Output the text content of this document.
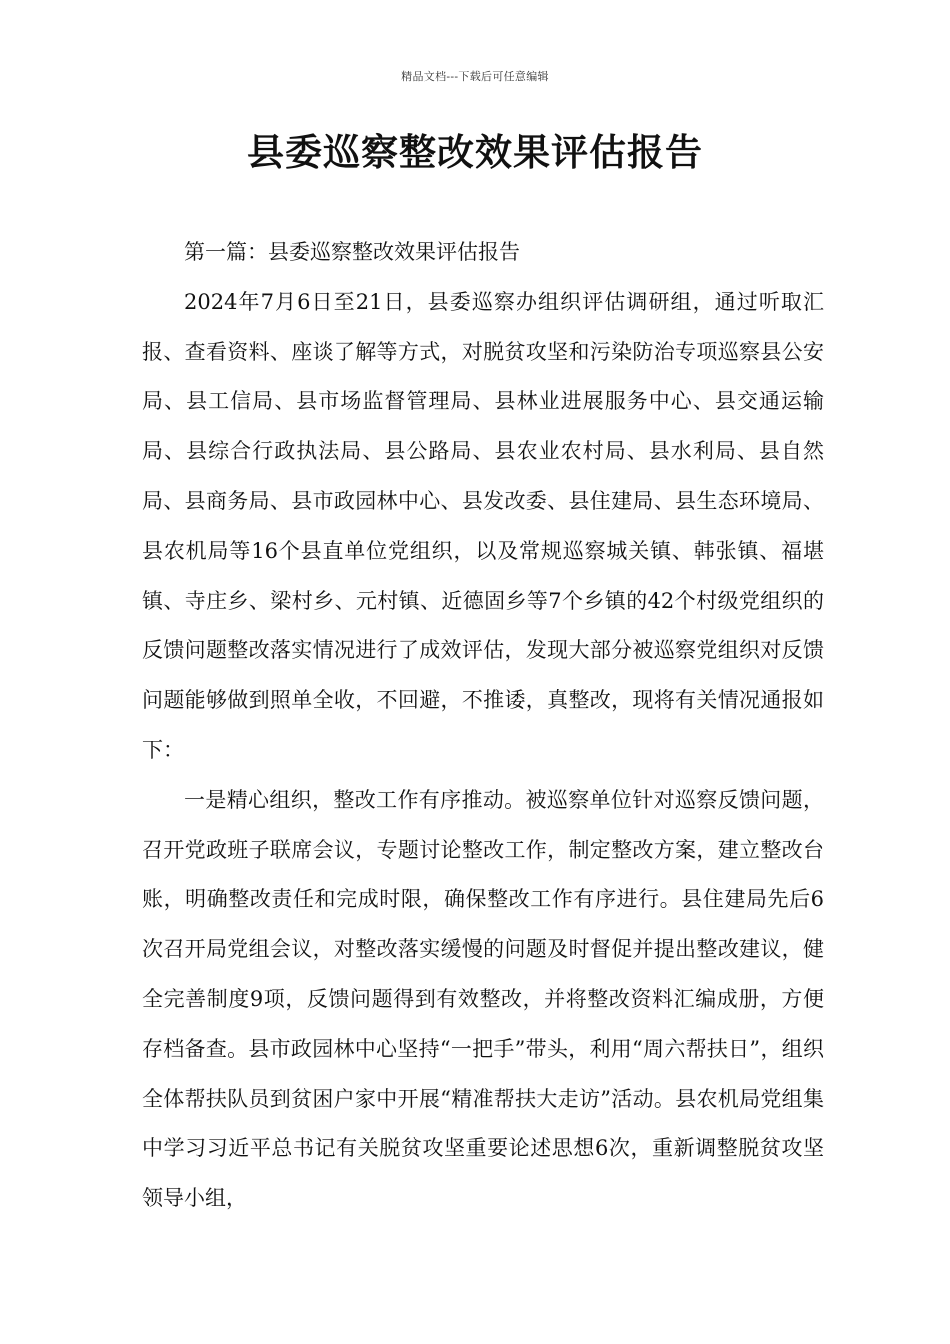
精品文档---下载后可任意编辑
县委巡察整改效果评估报告

第一篇：县委巡察整改效果评估报告

2024年7月6日至21日，县委巡察办组织评估调研组，通过听取汇报、查看资料、座谈了解等方式，对脱贫攻坚和污染防治专项巡察县公安局、县工信局、县市场监督管理局、县林业进展服务中心、县交通运输局、县综合行政执法局、县公路局、县农业农村局、县水利局、县自然局、县商务局、县市政园林中心、县发改委、县住建局、县生态环境局、县农机局等16个县直单位党组织，以及常规巡察城关镇、韩张镇、福堪镇、寺庄乡、梁村乡、元村镇、近德固乡等7个乡镇的42个村级党组织的反馈问题整改落实情况进行了成效评估，发现大部分被巡察党组织对反馈问题能够做到照单全收，不回避，不推诿，真整改，现将有关情况通报如下：

一是精心组织，整改工作有序推动。被巡察单位针对巡察反馈问题，召开党政班子联席会议，专题讨论整改工作，制定整改方案，建立整改台账，明确整改责任和完成时限，确保整改工作有序进行。县住建局先后6次召开局党组会议，对整改落实缓慢的问题及时督促并提出整改建议，健全完善制度9项，反馈问题得到有效整改，并将整改资料汇编成册，方便存档备查。县市政园林中心坚持“一把手”带头，利用“周六帮扶日”，组织全体帮扶队员到贫困户家中开展“精准帮扶大走访”活动。县农机局党组集中学习习近平总书记有关脱贫攻坚重要论述思想6次，重新调整脱贫攻坚领导小组，
